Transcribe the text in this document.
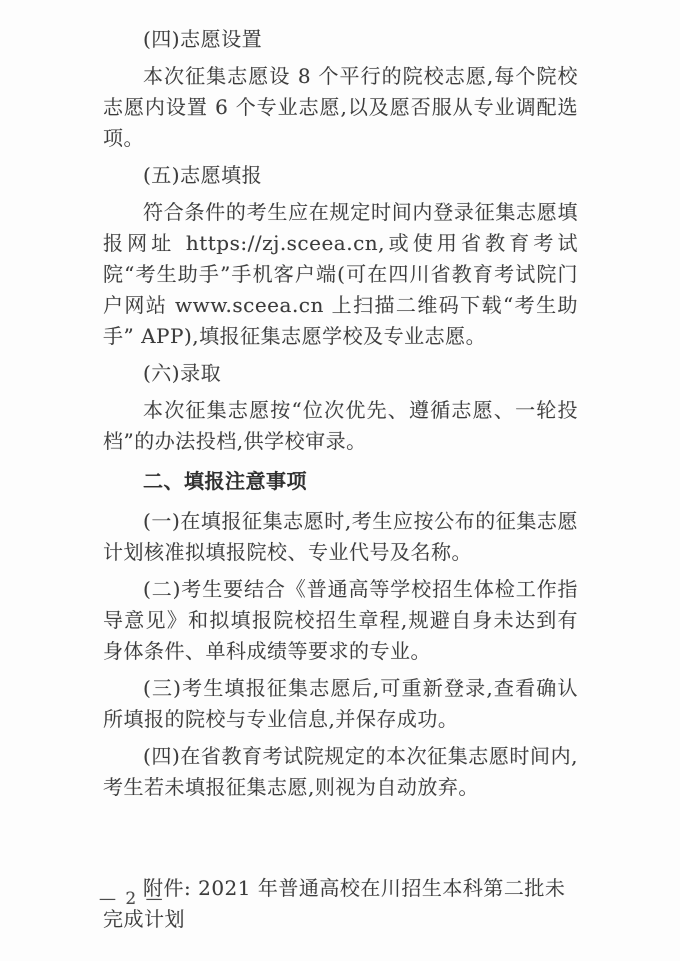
(四)志愿设置

本次征集志愿设 8 个平行的院校志愿,每个院校志愿内设置 6 个专业志愿,以及愿否服从专业调配选项。

(五)志愿填报

符合条件的考生应在规定时间内登录征集志愿填报网址 https://zj.sceea.cn,或使用省教育考试院“考生助手”手机客户端(可在四川省教育考试院门户网站 www.sceea.cn 上扫描二维码下载“考生助手” APP),填报征集志愿学校及专业志愿。

(六)录取

本次征集志愿按“位次优先、遵循志愿、一轮投档”的办法投档,供学校审录。

二、填报注意事项

(一)在填报征集志愿时,考生应按公布的征集志愿计划核准拟填报院校、专业代号及名称。

(二)考生要结合《普通高等学校招生体检工作指导意见》和拟填报院校招生章程,规避自身未达到有身体条件、单科成绩等要求的专业。

(三)考生填报征集志愿后,可重新登录,查看确认所填报的院校与专业信息,并保存成功。

(四)在省教育考试院规定的本次征集志愿时间内,考生若未填报征集志愿,则视为自动放弃。

附件: 2021 年普通高校在川招生本科第二批未完成计划

— 2 —
